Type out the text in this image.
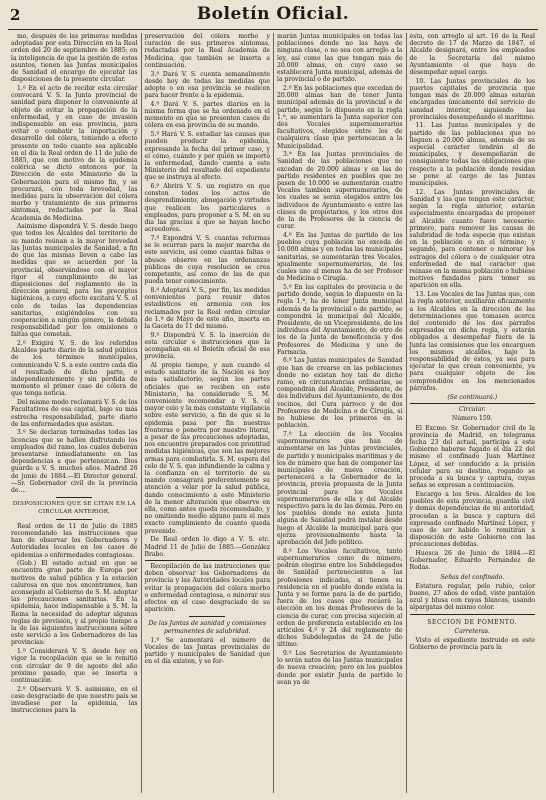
2	Boletín Oficial.

mo, después de las primeras medidas adoptadas por esta Dirección en la Real orden del 20 de septiembre de 1885; en la inteligencia de que la gestión de estos asuntos, tienen las Juntas municipales de Sanidad el encargo de ejecutar las disposiciones de la presente circular.

1.º En el acto de recibir esta circular convocará V. S. la Junta provincial de sanidad para disponer lo conveniente al objeto de evitar la propagación de la enfermedad, y en caso de invasión indispensable en esa provincia, para evitar o combatir la importación y desarrollo del cólera, teniendo a efecto presente en todo cuanto sea aplicable en el día la Real orden de 11 de julio de 1885, que con motivo de la epidemia colérica se dictó entonces por la Dirección de este Ministerio de la Gobernación para el mismo fin, y se procurará, con toda brevedad, las medidas para la observación del cólera morbo y tratamiento de sus primeros síntomas, redactadas por la Real Academia de Medicina.

Asimismo dispondrá V. S. desde luego que todos los Alcaldes del territorio de su mando reúnan a la mayor brevedad las Juntas municipales de Sanidad, a fin de que las mismas lleven a cabo las medidas que se acuerden por la provincial, observándose con el mayor rigor el cumplimiento de las disposiciones del reglamento de la dirección general, para los preceptos higiénicos, a cuyo efecto excitará V. S. el celo de todas las dependencias sanitarias, exigiéndoles con su cooperación a ningún género, la debida responsabilidad por los omisiones o faltas que cometan.

2.º Exigirá V. S. de los referidos Alcaldes parte diario de la salud pública de los términos municipales, comunicando V. S. a este centro cada día el resultado de dicho parte, e independientemente y sin pérdida de momento el primer caso de cólera de que tenga noticia.

Del mismo modo reclamará V. S. de los Facultativos de esa capital, bajo su más estrecha responsabilidad, parte diario de las enfermedades que asistan.

3.º Se declaran terminadas todas las licencias que se hallen disfrutando los empleados del ramo, los cuales deberán presentarse inmediatamente en las dependencias a que pertenezcan. Dios guarde a V. S. muchos años. Madrid 26 de junio de 1884.—El Director general.—Sr. Gobernador civil de la provincia de....

DISPOSICIONES QUE SE CITAN EN LA CIRCULAR ANTERIOR.

Real orden de 11 de Julio de 1885 recomendando las instrucciones que han de observar los Gobernadores y Autoridades locales en los casos de epidemias o enfermedades contagiosas.

(Gob.) El estado actual en que se encuentra gran parte de Europa por motivos de salud pública y la estación calurosa en que nos encontramos, han aconsejado al Gobierno de S. M. adoptar las precauciones sanitarias. En la epidemia, hace indispensable a S. M. la Reina la necesidad de adoptar algunas reglas de previsión, y al propio tiempo a la de las siguientes instrucciones sobre este servicio a los Gobernadores de las provincias:

1.º Considerará V. S. desde hoy en vigor la recopilación que se le remitió con circular de 9 de agosto del año próximo pasado, que se inserta a continuación.

2.º Observará V. S. asimismo, en el caso desgraciado de que nuestro país se invadiese por la epidemia, las instrucciones para la

preservación del cólera morbo y curación de sus primeros síntomas, redactadas por la Real Academia de Medicina, que también se inserta a continuación.

3.º Dará V. S. cuenta semanalmente desde hoy de todas las medidas que adopte o en esa provincia se realicen para hacer frente a la epidemia.

4.º Dará V. S. partes diarios en la misma forma que se ha ordenado en el momento en que se presenten casos de cólera en esa provincia de su mando.

5.º Hará V. S. estudiar las causas que pueden producir la epidemia, expresando la fecha del primer caso, y el cómo, cuándo y por quién se importó la enfermedad, dando cuenta a este Ministerio del resultado del expediente que se instruya al efecto.

6.º Abrirá V. S. un registro en que consten todos los actos de desprendimiento, abnegación y virtudes que realicen los particulares o empleados, para proponer a S. M. en su día las gracias a que se hayan hecho acreedores.

7.º Expondrá V. S. cuantas reformas se le ocurran para la mejor marcha de este servicio, así como cuantas faltas o abusos observe en las ordenanzas públicas de cuya resolución se crea competente, así como de las de que pueda tener conocimiento.

8.º Adoptará V. S., por fin, las medidas convenientes para reunir datos estadísticos en armonía con los reclamados por la Real orden circular de 1.º de Mayo de este año, inserta en la Gaceta de 11 del mismo.

9.º Dispondrá V. S. la inserción de esta circular e instrucciones que la acompañan en el Boletín oficial de esa provincia.

Al propio tiempo, y aun cuando el estado sanitario de la Nación es hoy más satisfactorio, según los partes oficiales que se reciben en este Ministerio, ha considerado S. M. conveniente recomendar a V. S. el mayor celo y la más constante vigilancia sobre este servicio, a fin de que si la epidemia pasa por fin nuestras fronteras o penetra por nuestro litoral, a pesar de las precauciones adoptadas, nos encuentre preparados con prontitud medidas higiénicas, que son las mejores armas para combatirla. S. M. espera del celo de V. S. que infundiendo la calma y la confianza en el territorio de su mando consagrará preferentemente su atención a velar por la salud pública, dando conocimiento a este Ministerio de la menor alteración que observe en ella, como antes queda recomendado, y no omitiendo medio alguno para el más exacto cumplimiento de cuanto queda prevenido.

De Real orden lo digo a V. S. etc. Madrid 11 de Julio de 1885.—González Brabo.

Recopilación de las instrucciones que deben observar los Gobernadores de provincia y las Autoridades locales para evitar la propagación del cólera morbo o enfermedad contagiosa, o minorar sus efectos en el caso desgraciado de su aparición.

De las Juntas de sanidad y comisiones permanentes de salubridad.

1.º Se aumentará el número de Vocales de las Juntas provinciales de partido y municipales de Sanidad que en el día existen, y se for-

marán Juntas municipales en todas las poblaciones donde no las haya de ninguna clase, o no sea con arreglo a la ley, así como las que tengan más de 20.000 almas, en cuyo caso se establecerá Junta municipal, además de la provincial o de partido.

2.º En las poblaciones que excedan de 20.000 almas han de tener Junta municipal además de la provincial o de partido, según lo dispuesto en la regla 1.ª, se aumentará la Junta superior con dos Vocales supernumerarios facultativos, elegidos entre los de cualquiera clase que pertenezcan a la Municipalidad.

3.ª En las Juntas provinciales de Sanidad de las poblaciones que no excedan de 20.000 almas y en las de partido residentes en pueblos que no pasen de 10.000 se aumentarán cuatro Vocales también supernumerarios, de los cuales se serán elegidos entre los individuos de Ayuntamiento o entre las clases de propietarios, y los otros dos de la de Profesores de la ciencia de curar.

4.º En las Juntas de partido de los pueblos cuya población no exceda de 10.000 almas y en todas las municipales sanitarias, se aumentarán tres Vocales, igualmente supernumerarios, de los cuales uno al menos ha de ser Profesor de Medicina o Cirugía.

5.º En las capitales de provincia o de partido donde, según lo dispuesto en la regla 1.ª, ha de tener Junta municipal además de la provincial o de partido, se compondrá la municipal del Alcalde, Presidente, de un Vicepresidente, de los individuos del Ayuntamiento, de otro de los de la Junta de beneficencia y dos Profesores de Medicina y uno de Farmacia.

6.º Las Juntas municipales de Sanidad que han de crearse en las poblaciones donde no existan hoy tan de dicho ramo, en circunstancias ordinarias, se compondrán del Alcalde, Presidente, de dos individuos del Ayuntamiento, de dos vecinos, del Cura párroco y de dos Profesores de Medicina o de Cirugía, si no hubiese de los primeros en la población.

7.º La elección de los Vocales supernumerarios que han de aumentarse en las Juntas provinciales, de partido y municipales maritimas y de los de número que han de componer las municipales de nueva creación, pertenecerá a la Gobernador de la provincia, previa propuesta de la Junta provincial para los Vocales supernumerarios de ella y del Alcalde respectivo para la de las demás. Pero en los pueblos donde no exista Junta alguna de Sanidad podrá instalar desde luego el Alcalde la municipal para que ejerza provisionalmente hasta la aprobación del Jefe político.

8.º Los Vocales facultativos, tanto supernumerarios como de número, podrán elegirse entre los Subdelegados de Sanidad pertenecientes a las profesiones indicadas, si tienen su residencia en el pueblo donde exista la Junta y se forme para la de de partido, fuera de los casos que recaerá la elección en los demás Profesores de la ciencia de curar, con precisa sujeción al orden de preferencia establecido en los artículos 4.º y 24 del reglamento de dichos Subdelegados de 24 de Julio último.

9.º Los Secretarios de Ayuntamiento lo serán natos de las Juntas municipales de nueva creación; pero en los pueblos donde por existir Junta de partido lo sean ya de

ésta, con arreglo al art. 16 de la Real decreto de 17 de Marzo de 1847, el Alcalde designará, entre los empleados de la Secretaría del mismo Ayuntamiento el que haya de desempeñar aquel cargo.

10. Las Juntas provinciales de los puertos capitales de provincia que tengan más de 20.000 almas estarán encargadas únicamente del servicio de sanidad interior, siguiendo las provinciales desempeñando el marítimo.

11. Las Juntas municipales y de partido de las poblaciones que no lleguen a 20.000 almas, además de su especial carácter tendrán el de municipales, y desempeñarán de consiguiente todas las obligaciones que respecto a la población donde residan se pone al cargo de las Juntas municipales.

12. Las Juntas provinciales de Sanidad y las que tengan este carácter, según la regla anterior, estarán especialmente encargadas de proponer al Alcalde cuanto fuere necesario: primero, para remover las causas de salubridad de toda especie que existan en la población o en el término; y segundo, para contener o minorar los estragos del cólera o de cualquier otra enfermedad de mal carácter que reinase en la misma población o hubiese motivos fundados para temer su aparición en ella.

13. Los Vocales de las Juntas que, con la regla anterior, auxiliarán eficazmente a los Alcaldes en la dirección de las determinaciones que tomasen acerca del contenido de los dos párrafos expresados en dicha regla, y estarán obligados a desempeñar fuera de la Junta las comisiones que les encarguen los mismos alcaldes, bajo la responsabilidad de éstos, ya sea para ejecutar lo que crean conveniente, ya para cualquier objeto de los comprendidos en los mencionados párrafos.

(Se continuará.)

Circular.

Número 159.

El Excmo. Sr. Gobernador civil de la provincia de Madrid, en telegrama fecha 23 del actual, participa a este Gobierno haberse fugado el día 22 del mismo el confinado Juan Martínez López, el ser conducido a la prisión celular para su destino, rogando se proceda a su busca y captura, cuyas señas se expresan a continuación.

Encargo a los Sres. Alcaldes de los pueblos de esta provincia, guardia civil y demás dependencias de mi autoridad, procedan a la busca y captura del expresado confinado Martínez López, y caso de ser habido lo remitirán a disposición de este Gobierno con las precauciones debidas.

Huesca 26 de Junio de 1884.—El Gobernador, Eduardo Fernández de Rodas.

Señas del confinado.

Estatura regular, pelo rubio, color bueno, 27 años de edad, viste pantalón azul y blusa con rayas blancas, usando alpargatas del mismo color.

SECCION DE FOMENTO.

Carreteras.

Visto el expediente instruido en este Gobierno de provincia para la
